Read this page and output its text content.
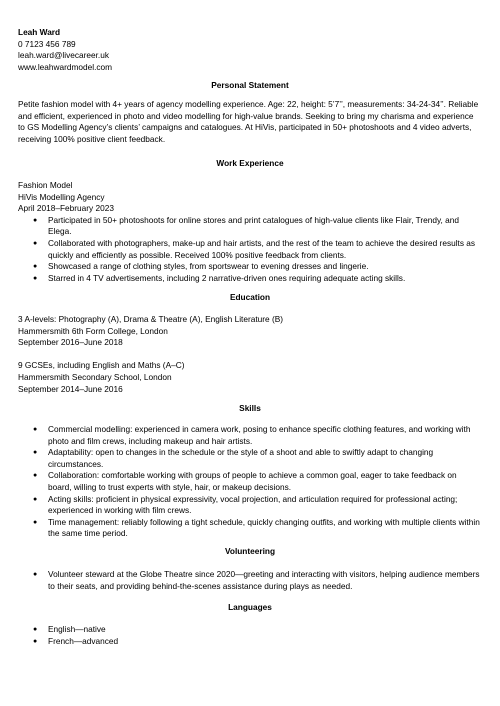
Leah Ward
0 7123 456 789
leah.ward@livecareer.uk
www.leahwardmodel.com
Personal Statement
Petite fashion model with 4+ years of agency modelling experience. Age: 22, height: 5’7’’, measurements: 34-24-34’’. Reliable and efficient, experienced in photo and video modelling for high-value brands. Seeking to bring my charisma and experience to GS Modelling Agency’s clients’ campaigns and catalogues. At HiVis, participated in 50+ photoshoots and 4 video adverts, receiving 100% positive client feedback.
Work Experience
Fashion Model
HiVis Modelling Agency
April 2018–February 2023
● Participated in 50+ photoshoots for online stores and print catalogues of high-value clients like Flair, Trendy, and Elega.
● Collaborated with photographers, make-up and hair artists, and the rest of the team to achieve the desired results as quickly and efficiently as possible. Received 100% positive feedback from clients.
● Showcased a range of clothing styles, from sportswear to evening dresses and lingerie.
● Starred in 4 TV advertisements, including 2 narrative-driven ones requiring adequate acting skills.
Education
3 A-levels: Photography (A), Drama & Theatre (A), English Literature (B)
Hammersmith 6th Form College, London
September 2016–June 2018
9 GCSEs, including English and Maths (A–C)
Hammersmith Secondary School, London
September 2014–June 2016
Skills
● Commercial modelling: experienced in camera work, posing to enhance specific clothing features, and working with photo and film crews, including makeup and hair artists.
● Adaptability: open to changes in the schedule or the style of a shoot and able to swiftly adapt to changing circumstances.
● Collaboration: comfortable working with groups of people to achieve a common goal, eager to take feedback on board, willing to trust experts with style, hair, or makeup decisions.
● Acting skills: proficient in physical expressivity, vocal projection, and articulation required for professional acting; experienced in working with film crews.
● Time management: reliably following a tight schedule, quickly changing outfits, and working with multiple clients within the same time period.
Volunteering
● Volunteer steward at the Globe Theatre since 2020—greeting and interacting with visitors, helping audience members to their seats, and providing behind-the-scenes assistance during plays as needed.
Languages
● English—native
● French—advanced
